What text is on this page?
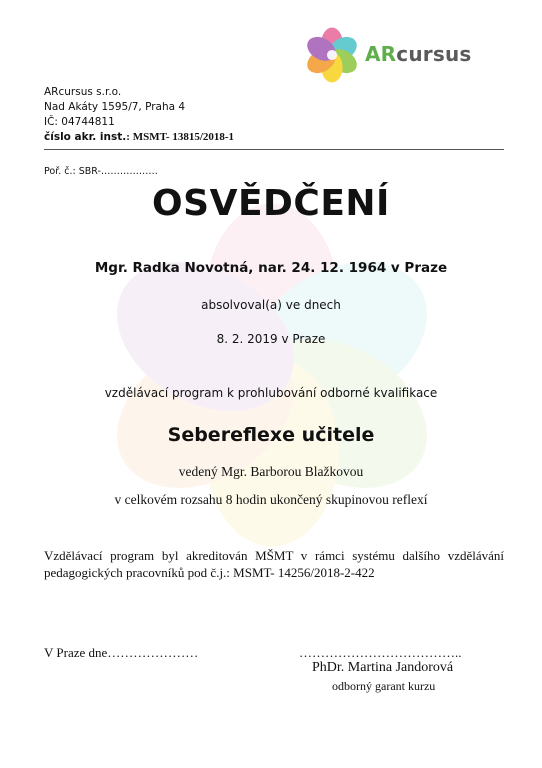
ARcursus
ARcursus s.r.o.
Nad Akáty 1595/7, Praha 4
IČ: 04744811
číslo akr. inst.: MSMT- 13815/2018-1
Poř. č.: SBR-………………
OSVĚDČENÍ
Mgr. Radka Novotná, nar. 24. 12. 1964 v Praze
absolvoval(a) ve dnech
8. 2. 2019 v Praze
vzdělávací program k prohlubování odborné kvalifikace
Sebereflexe učitele
vedený Mgr. Barborou Blažkovou
v celkovém rozsahu 8 hodin ukončený skupinovou reflexí
Vzdělávací program byl akreditován MŠMT v rámci systému dalšího vzdělávání
pedagogických pracovníků pod č.j.: MSMT- 14256/2018-2-422
V Praze dne…………………	………………………………..
PhDr. Martina Jandorová
odborný garant kurzu
